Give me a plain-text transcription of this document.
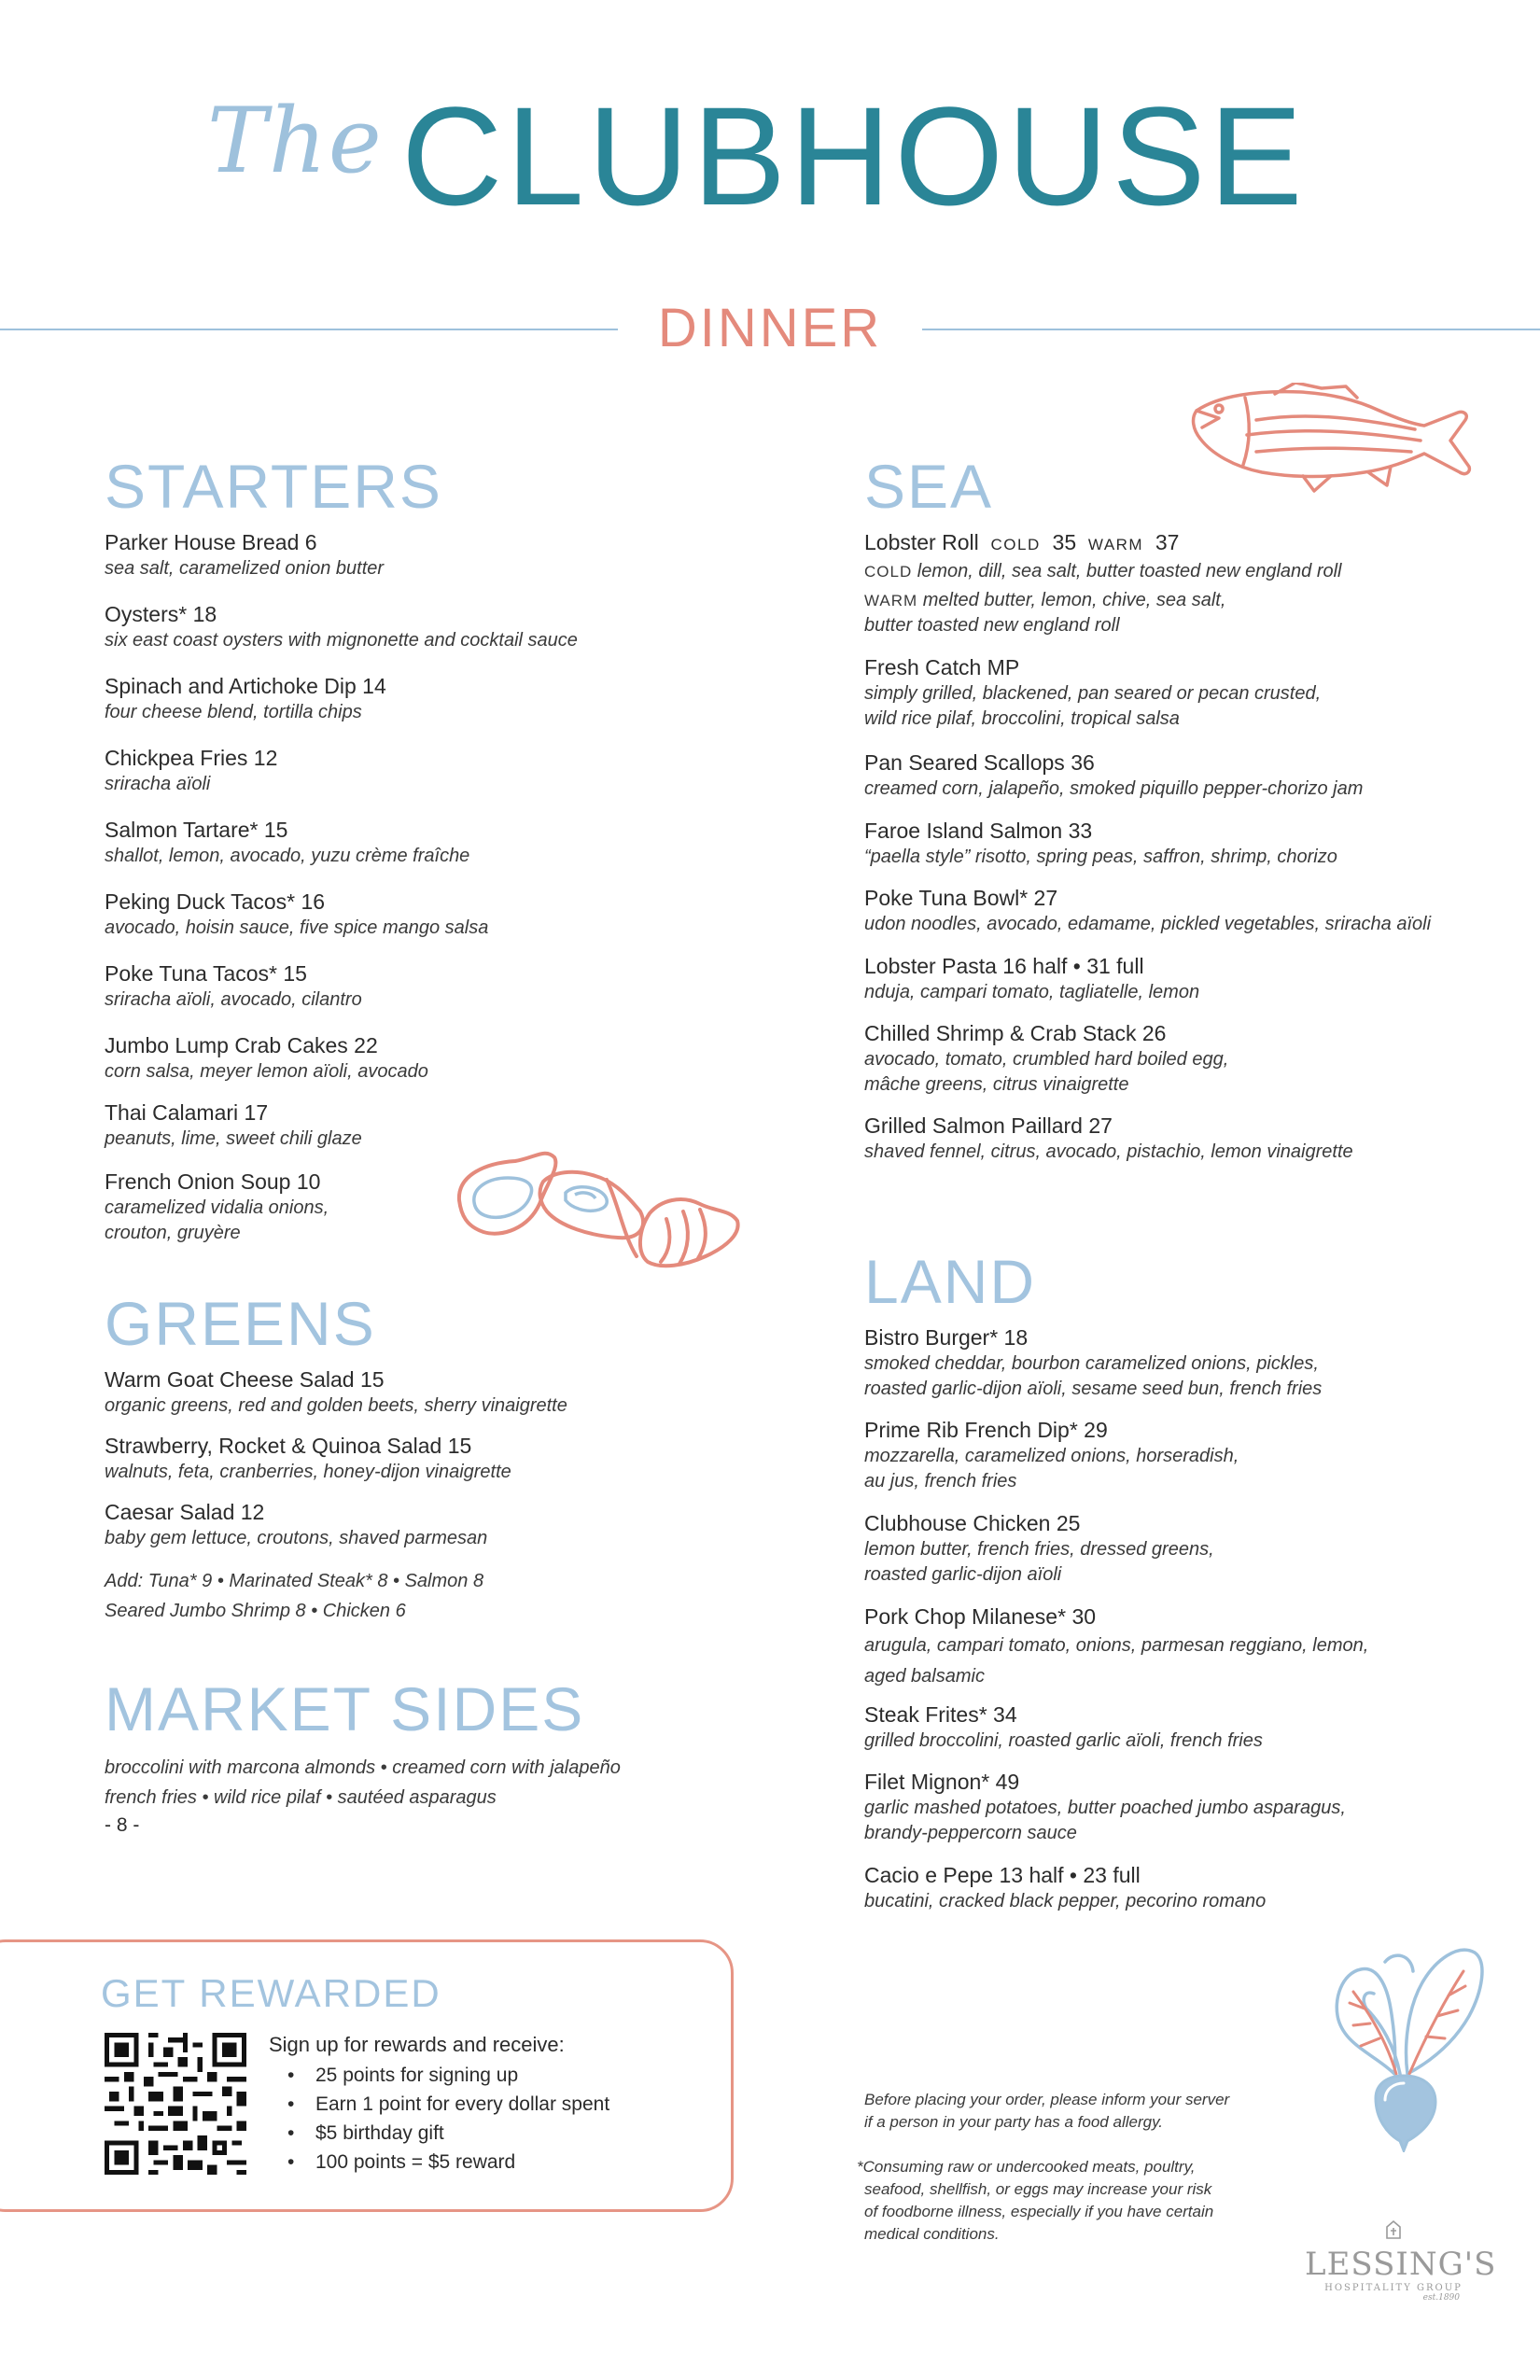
The CLUBHOUSE
DINNER
STARTERS
Parker House Bread 6
sea salt, caramelized onion butter
Oysters* 18
six east coast oysters with mignonette and cocktail sauce
Spinach and Artichoke Dip 14
four cheese blend, tortilla chips
Chickpea Fries 12
sriracha aïoli
Salmon Tartare* 15
shallot, lemon, avocado, yuzu crème fraîche
Peking Duck Tacos* 16
avocado, hoisin sauce, five spice mango salsa
Poke Tuna Tacos* 15
sriracha aïoli, avocado, cilantro
Jumbo Lump Crab Cakes 22
corn salsa, meyer lemon aïoli, avocado
Thai Calamari 17
peanuts, lime, sweet chili glaze
French Onion Soup 10
caramelized vidalia onions,
crouton, gruyère
GREENS
Warm Goat Cheese Salad 15
organic greens, red and golden beets, sherry vinaigrette
Strawberry, Rocket & Quinoa Salad 15
walnuts, feta, cranberries, honey-dijon vinaigrette
Caesar Salad 12
baby gem lettuce, croutons, shaved parmesan
Add: Tuna* 9 • Marinated Steak* 8 • Salmon 8
Seared Jumbo Shrimp 8 • Chicken 6
MARKET SIDES
broccolini with marcona almonds • creamed corn with jalapeño
french fries • wild rice pilaf • sautéed asparagus
- 8 -
SEA
Lobster Roll COLD 35 WARM 37
COLD lemon, dill, sea salt, butter toasted new england roll
WARM melted butter, lemon, chive, sea salt,
butter toasted new england roll
Fresh Catch MP
simply grilled, blackened, pan seared or pecan crusted,
wild rice pilaf, broccolini, tropical salsa
Pan Seared Scallops 36
creamed corn, jalapeño, smoked piquillo pepper-chorizo jam
Faroe Island Salmon 33
“paella style” risotto, spring peas, saffron, shrimp, chorizo
Poke Tuna Bowl* 27
udon noodles, avocado, edamame, pickled vegetables, sriracha aïoli
Lobster Pasta 16 half • 31 full
nduja, campari tomato, tagliatelle, lemon
Chilled Shrimp & Crab Stack 26
avocado, tomato, crumbled hard boiled egg,
mâche greens, citrus vinaigrette
Grilled Salmon Paillard 27
shaved fennel, citrus, avocado, pistachio, lemon vinaigrette
LAND
Bistro Burger* 18
smoked cheddar, bourbon caramelized onions, pickles,
roasted garlic-dijon aïoli, sesame seed bun, french fries
Prime Rib French Dip* 29
mozzarella, caramelized onions, horseradish,
au jus, french fries
Clubhouse Chicken 25
lemon butter, french fries, dressed greens,
roasted garlic-dijon aïoli
Pork Chop Milanese* 30
arugula, campari tomato, onions, parmesan reggiano, lemon,
aged balsamic
Steak Frites* 34
grilled broccolini, roasted garlic aïoli, french fries
Filet Mignon* 49
garlic mashed potatoes, butter poached jumbo asparagus,
brandy-peppercorn sauce
Cacio e Pepe 13 half • 23 full
bucatini, cracked black pepper, pecorino romano
GET REWARDED
Sign up for rewards and receive:
• 25 points for signing up
• Earn 1 point for every dollar spent
• $5 birthday gift
• 100 points = $5 reward
Before placing your order, please inform your server
if a person in your party has a food allergy.
*Consuming raw or undercooked meats, poultry,
seafood, shellfish, or eggs may increase your risk
of foodborne illness, especially if you have certain
medical conditions.
LESSING'S
HOSPITALITY GROUP
est.1890
